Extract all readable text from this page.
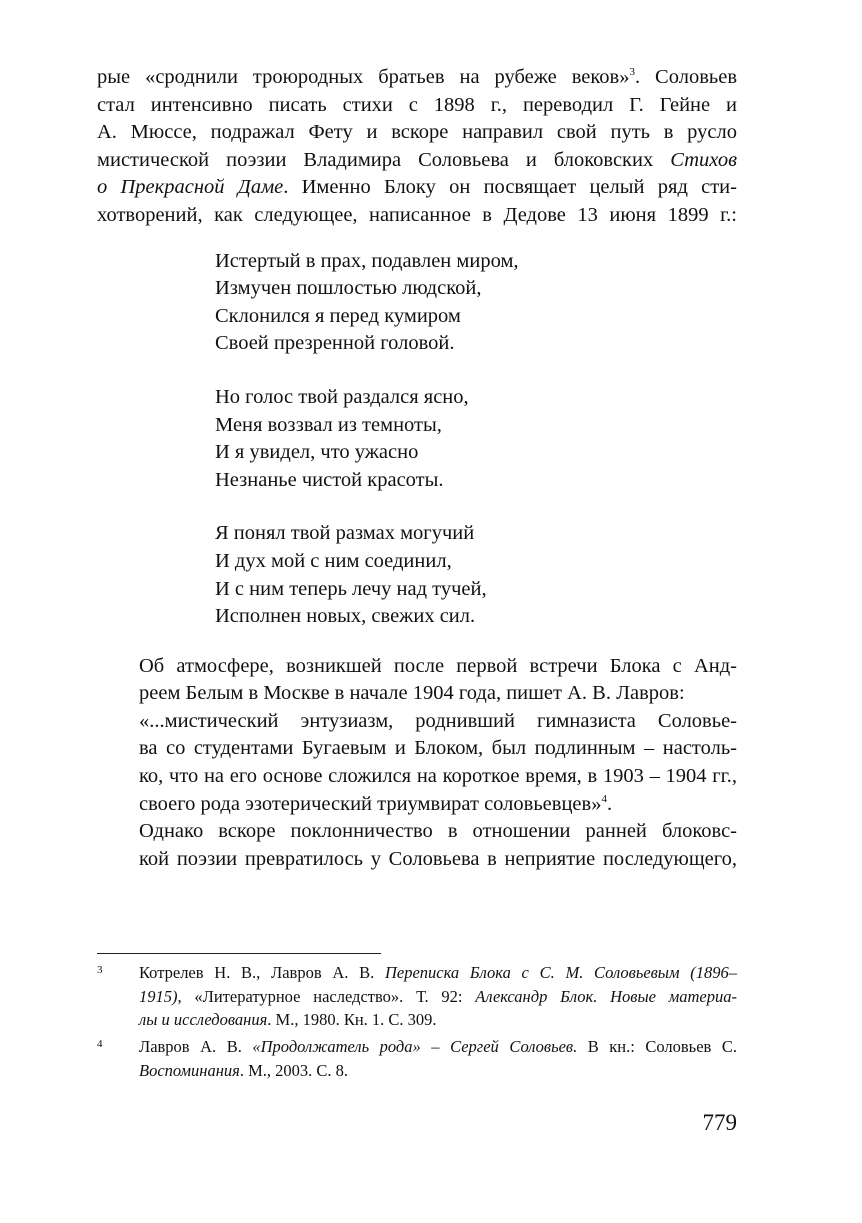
рые «сроднили троюродных братьев на рубеже веков»$^3$. Соловьев
стал интенсивно писать стихи с 1898 г., переводил Г. Гейне и
А. Мюссе, подражал Фету и вскоре направил свой путь в русло
мистической поэзии Владимира Соловьева и блоковских Стихов
о Прекрасной Даме. Именно Блоку он посвящает целый ряд сти-
хотворений, как следующее, написанное в Дедове 13 июня 1899 г.:

Истертый в прах, подавлен миром,
Измучен пошлостью людской,
Склонился я перед кумиром
Своей презренной головой.
Но голос твой раздался ясно,
Меня воззвал из темноты,
И я увидел, что ужасно
Незнанье чистой красоты.
Я понял твой размах могучий
И дух мой с ним соединил,
И с ним теперь лечу над тучей,
Исполнен новых, свежих сил.

Об атмосфере, возникшей после первой встречи Блока с Анд-
реем Белым в Москве в начале 1904 года, пишет А. В. Лавров:

«...мистический энтузиазм, роднивший гимназиста Соловье-
ва со студентами Бугаевым и Блоком, был подлинным – настоль-
ко, что на его основе сложился на короткое время, в 1903 – 1904 гг.,
своего рода эзотерический триумвират соловьевцев»$^4$.

Однако вскоре поклонничество в отношении ранней блоковс-
кой поэзии превратилось у Соловьева в неприятие последующего,

3 Котрелев Н. В., Лавров А. В. Переписка Блока с С. М. Соловьевым (1896–
1915), «Литературное наследство». Т. 92: Александр Блок. Новые материа-
лы и исследования. М., 1980. Кн. 1. С. 309.
4 Лавров А. В. «Продолжатель рода» – Сергей Соловьев. В кн.: Соловьев С.
Воспоминания. М., 2003. С. 8.
779
